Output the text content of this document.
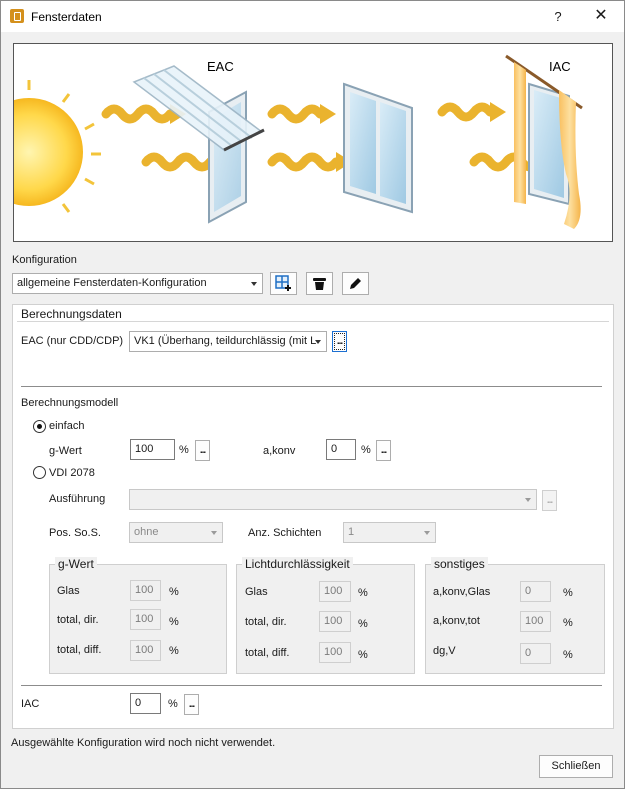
Fensterdaten	?	✕
EAC	IAC
Konfiguration
allgemeine Fensterdaten-Konfiguration
Berechnungsdaten
EAC (nur CDD/CDP) VK1 (Überhang, teildurchlässig (mit L	...
Berechnungsmodell
einfach
g-Wert	100	%	...	a,konv	0	%	...
VDI 2078
Ausführung	...
Pos. So.S.	ohne	Anz. Schichten	1
g-Wert
Glas	100	%
total, dir.	100	%
total, diff.	100	%
Lichtdurchlässigkeit
Glas	100	%
total, dir.	100	%
total, diff.	100	%
sonstiges
a,konv,Glas	0	%
a,konv,tot	100	%
dg,V	0	%
IAC	0	%	...
Ausgewählte Konfiguration wird noch nicht verwendet.
Schließen
